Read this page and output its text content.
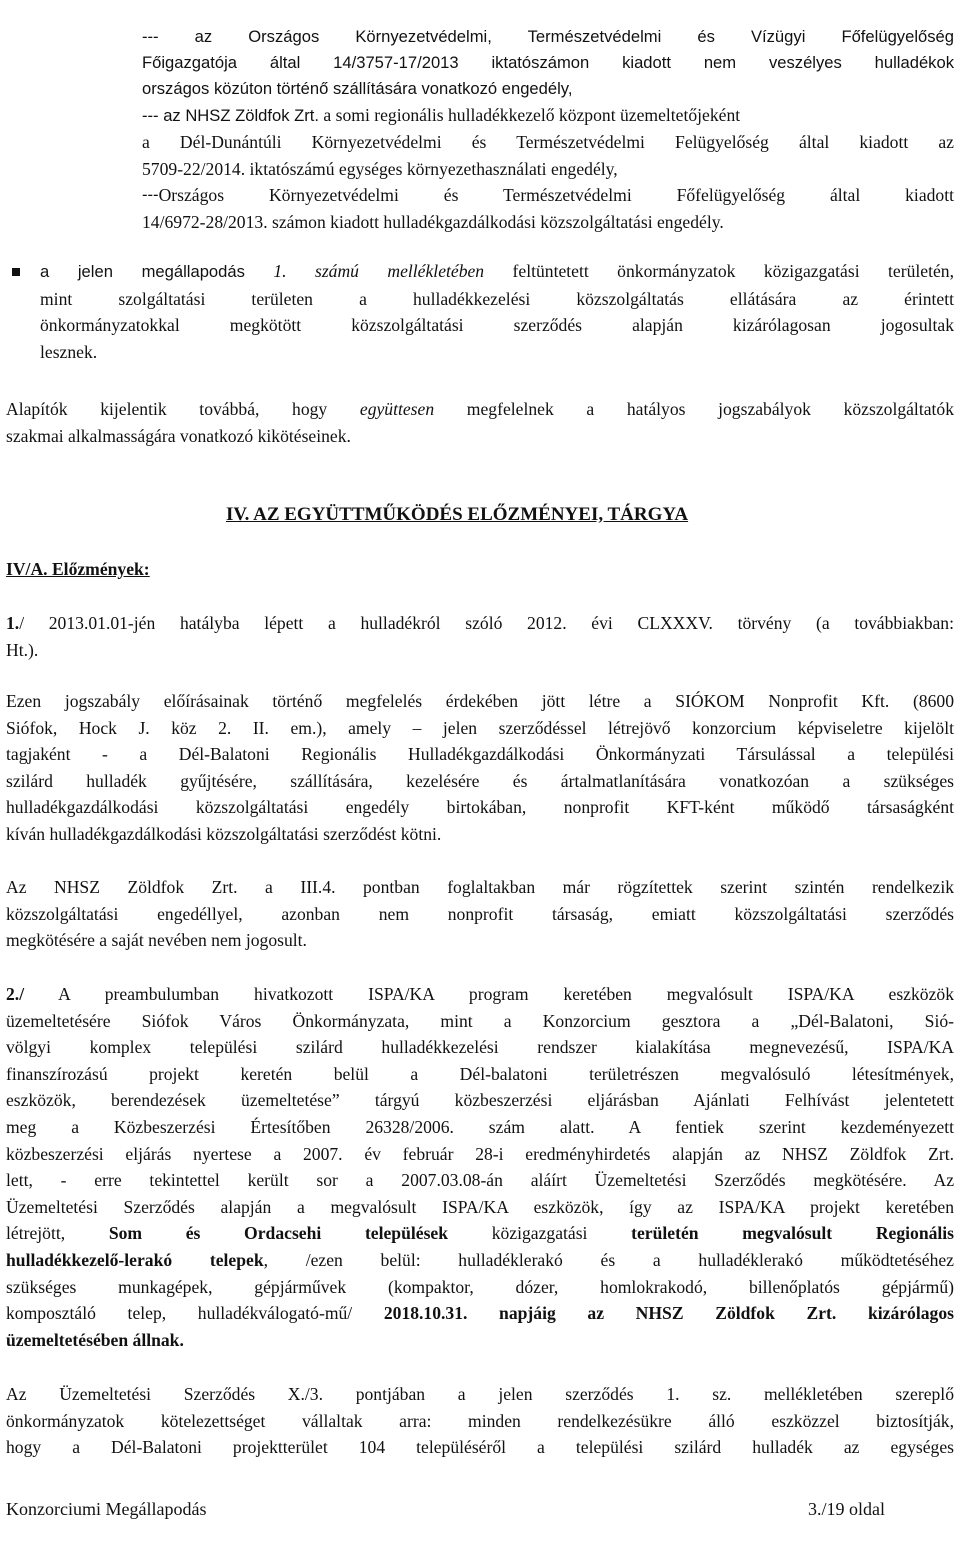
--- az Országos Környezetvédelmi, Természetvédelmi és Vízügyi Főfelügyelőség
Főigazgatója által 14/3757-17/2013 iktatószámon kiadott nem veszélyes hulladékok
országos közúton történő szállítására vonatkozó engedély,
--- az NHSZ Zöldfok Zrt. a somi regionális hulladékkezelő központ üzemeltetőjeként
a Dél-Dunántúli Környezetvédelmi és Természetvédelmi Felügyelőség által kiadott az
5709-22/2014. iktatószámú egységes környezethasználati engedély,
--- Országos Környezetvédelmi és Természetvédelmi Főfelügyelőség által kiadott
14/6972-28/2013. számon kiadott hulladékgazdálkodási közszolgáltatási engedély.
a jelen megállapodás 1. számú mellékletében feltüntetett önkormányzatok közigazgatási területén,
mint szolgáltatási területen a hulladékkezelési közszolgáltatás ellátására az érintett
önkormányzatokkal megkötött közszolgáltatási szerződés alapján kizárólagosan jogosultak
lesznek.
Alapítók kijelentik továbbá, hogy együttesen megfelelnek a hatályos jogszabályok közszolgáltatók
szakmai alkalmasságára vonatkozó kikötéseinek.
IV. AZ EGYÜTTMŰKÖDÉS ELŐZMÉNYEI, TÁRGYA
IV/A. Előzmények:
1./ 2013.01.01-jén hatályba lépett a hulladékról szóló 2012. évi CLXXXV. törvény (a továbbiakban:
Ht.).
Ezen jogszabály előírásainak történő megfelelés érdekében jött létre a SIÓKOM Nonprofit Kft. (8600
Siófok, Hock J. köz 2. II. em.), amely – jelen szerződéssel létrejövő konzorcium képviseletre kijelölt
tagjaként - a Dél-Balatoni Regionális Hulladékgazdálkodási Önkormányzati Társulással a települési
szilárd hulladék gyűjtésére, szállítására, kezelésére és ártalmatlanítására vonatkozóan a szükséges
hulladékgazdálkodási közszolgáltatási engedély birtokában, nonprofit KFT-ként működő társaságként
kíván hulladékgazdálkodási közszolgáltatási szerződést kötni.
Az NHSZ Zöldfok Zrt. a III.4. pontban foglaltakban már rögzítettek szerint szintén rendelkezik
közszolgáltatási engedéllyel, azonban nem nonprofit társaság, emiatt közszolgáltatási szerződés
megkötésére a saját nevében nem jogosult.
2./ A preambulumban hivatkozott ISPA/KA program keretében megvalósult ISPA/KA eszközök
üzemeltetésére Siófok Város Önkormányzata, mint a Konzorcium gesztora a „Dél-Balatoni, Sió-
völgyi komplex települési szilárd hulladékkezelési rendszer kialakítása megnevezésű, ISPA/KA
finanszírozású projekt keretén belül a Dél-balatoni területrészen megvalósuló létesítmények,
eszközök, berendezések üzemeltetése” tárgyú közbeszerzési eljárásban Ajánlati Felhívást jelentetett
meg a Közbeszerzési Értesítőben 26328/2006. szám alatt. A fentiek szerint kezdeményezett
közbeszerzési eljárás nyertese a 2007. év február 28-i eredményhirdetés alapján az NHSZ Zöldfok Zrt.
lett, - erre tekintettel került sor a 2007.03.08-án aláírt Üzemeltetési Szerződés megkötésére. Az
Üzemeltetési Szerződés alapján a megvalósult ISPA/KA eszközök, így az ISPA/KA projekt keretében
létrejött, Som és Ordacsehi települések közigazgatási területén megvalósult Regionális
hulladékkezelő-lerakó telepek, /ezen belül: hulladéklerakó és a hulladéklerakó működtetéséhez
szükséges munkagépek, gépjárművek (kompaktor, dózer, homlokrakodó, billenőplatós gépjármű)
komposztáló telep, hulladékválogató-mű/ 2018.10.31. napjáig az NHSZ Zöldfok Zrt. kizárólagos
üzemeltetésében állnak.
Az Üzemeltetési Szerződés X./3. pontjában a jelen szerződés 1. sz. mellékletében szereplő
önkormányzatok kötelezettséget vállaltak arra: minden rendelkezésükre álló eszközzel biztosítják,
hogy a Dél-Balatoni projektterület 104 településéről a települési szilárd hulladék az egységes
Konzorciumi Megállapodás	3./19 oldal
